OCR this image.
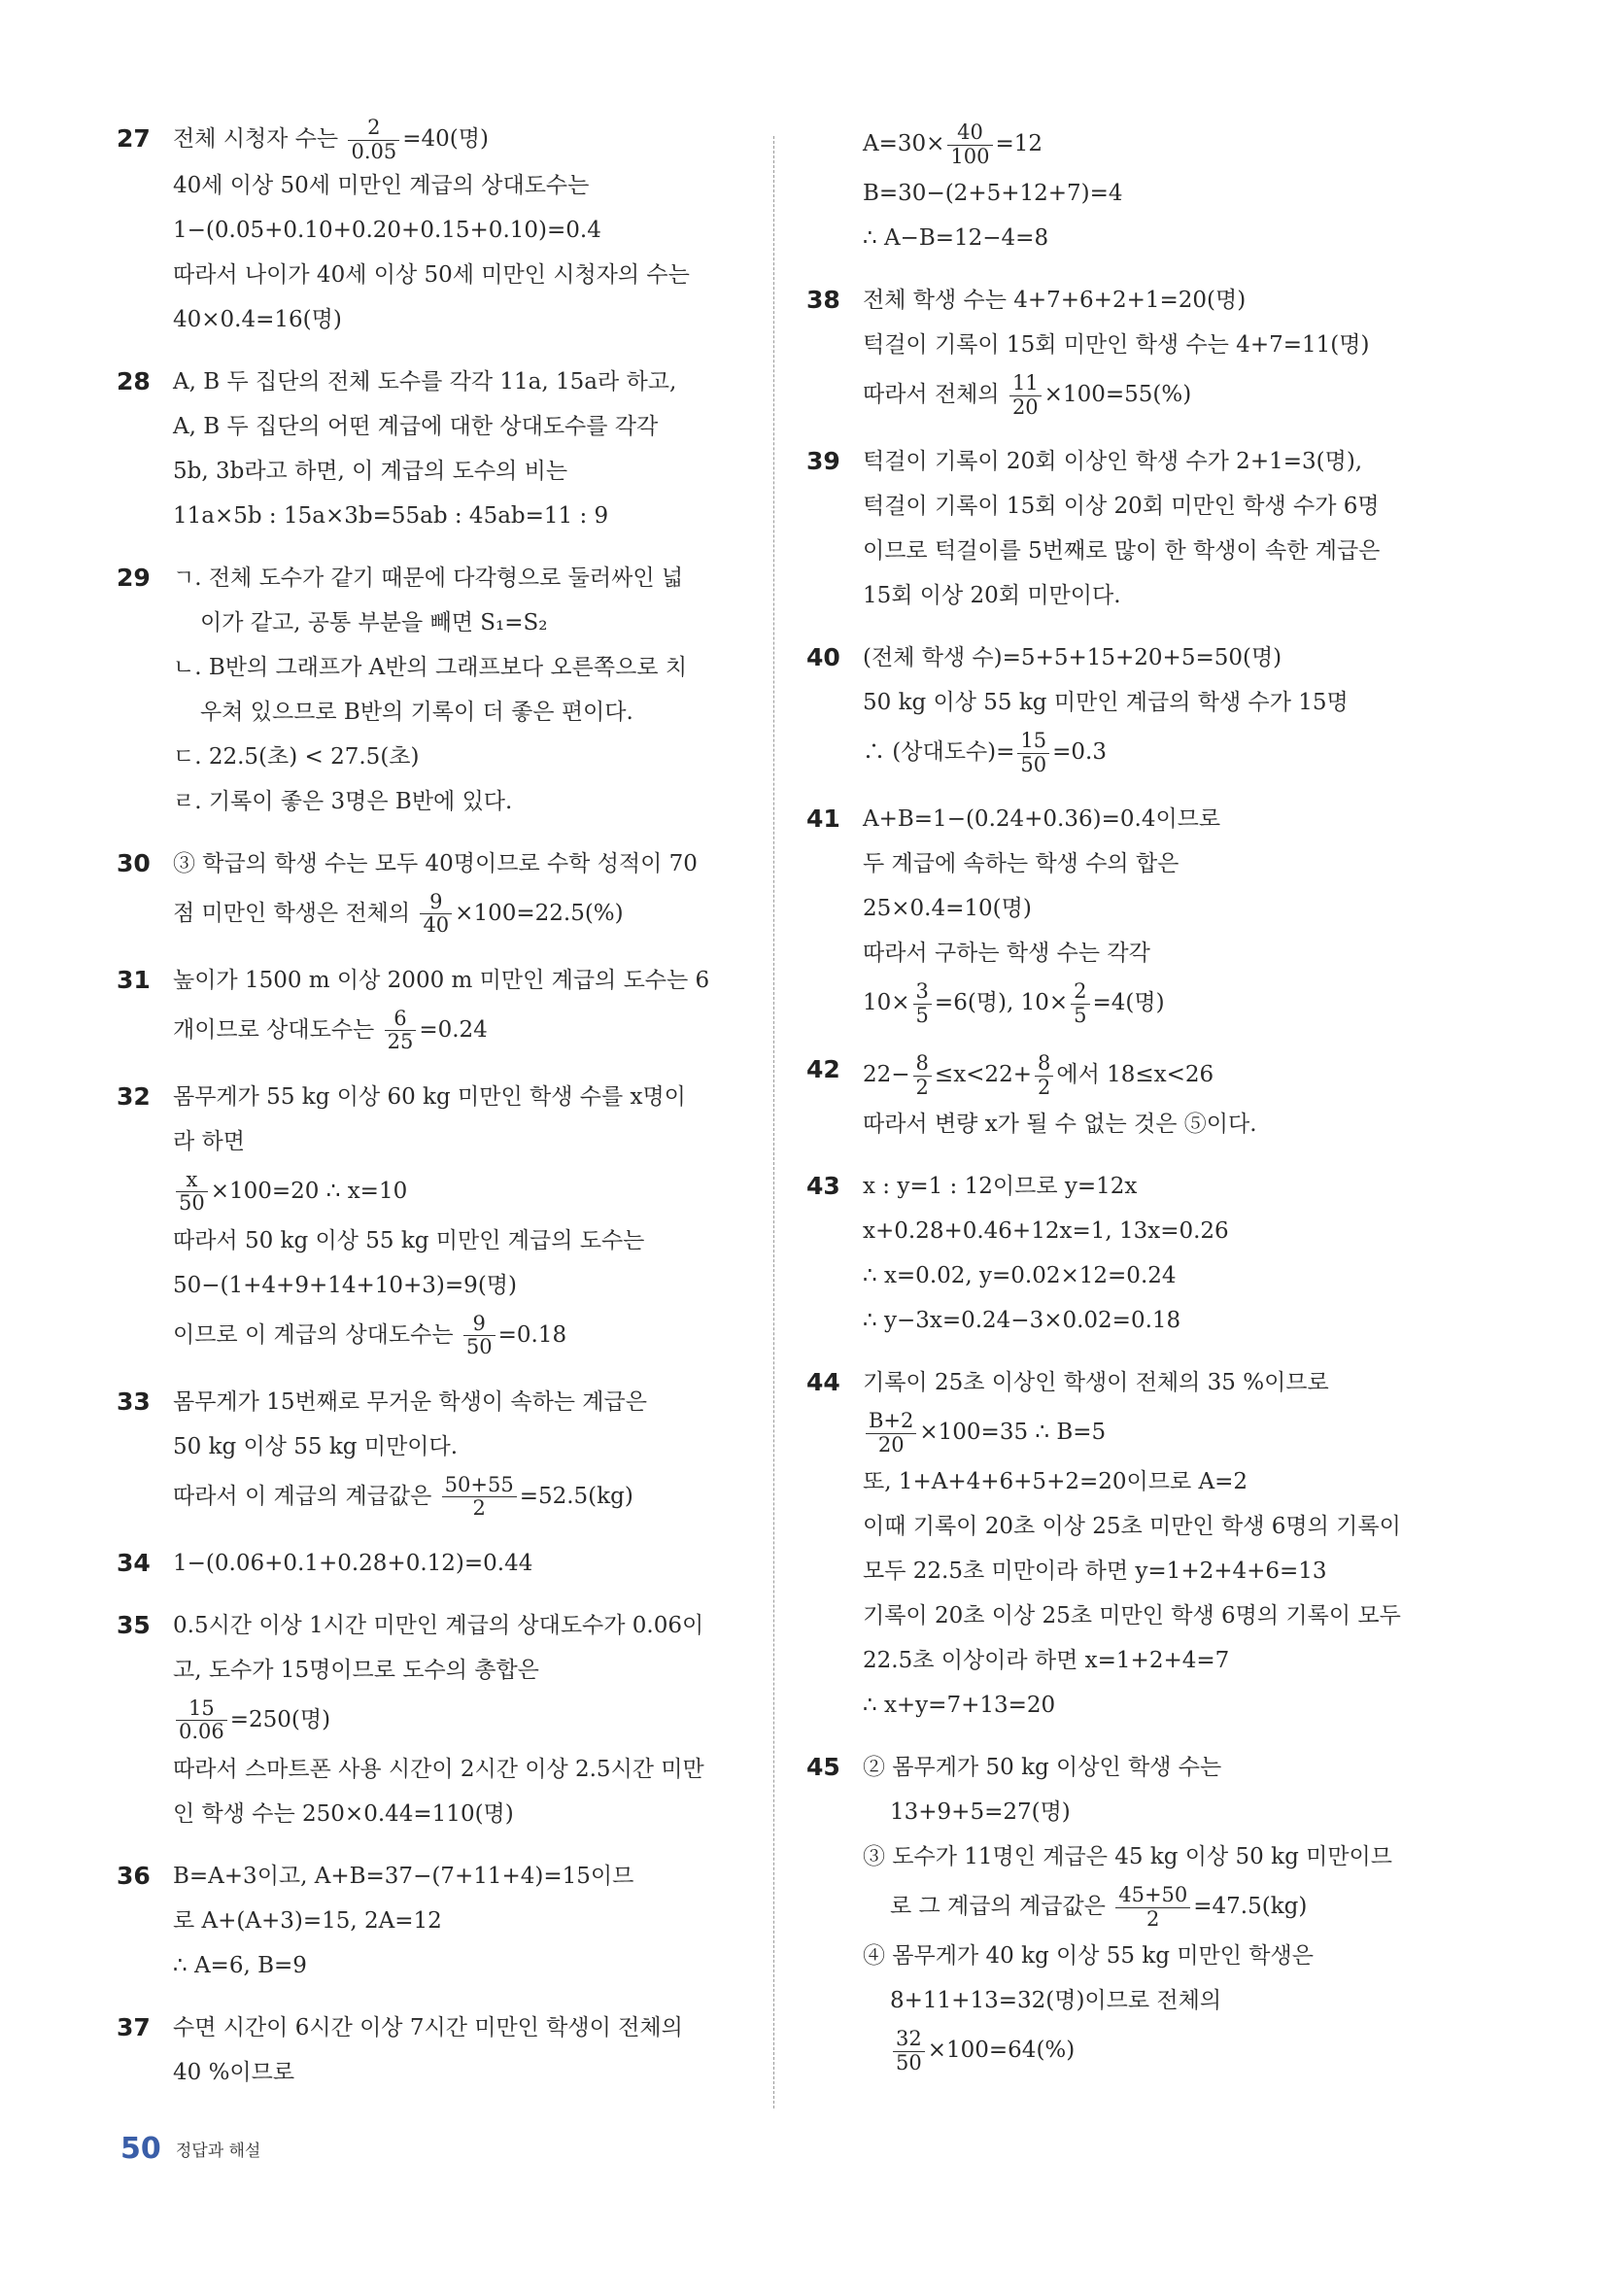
27 전체 시청자 수는 $\frac{2}{0.05} =40$(명)
40세 이상 50세 미만인 계급의 상대도수는
1−(0.05+0.10+0.20+0.15+0.10)=0.4
따라서 나이가 40세 이상 50세 미만인 시청자의 수는
40×0.4=16(명)
28 A, B 두 집단의 전체 도수를 각각 11a, 15a라 하고,
A, B 두 집단의 어떤 계급에 대한 상대도수를 각각
5b, 3b라고 하면, 이 계급의 도수의 비는
11a×5b : 15a×3b=55ab : 45ab=11 : 9
29 ㄱ. 전체 도수가 같기 때문에 다각형으로 둘러싸인 넓
이가 같고, 공통 부분을 빼면 S₁=S₂
ㄴ. B반의 그래프가 A반의 그래프보다 오른쪽으로 치
우쳐 있으므로 B반의 기록이 더 좋은 편이다.
ㄷ. 22.5(초) < 27.5(초)
ㄹ. 기록이 좋은 3명은 B반에 있다.
30 ③ 학급의 학생 수는 모두 40명이므로 수학 성적이 70
점 미만인 학생은 전체의 $\frac{9}{40} \times 100=22.5(\%)$
31 높이가 1500 m 이상 2000 m 미만인 계급의 도수는 6
개이므로 상대도수는 $\frac{6}{25} =0.24$
32 몸무게가 55 kg 이상 60 kg 미만인 학생 수를 x명이
라 하면
$\frac{x}{50} \times 100=20$ ∴ x=10
따라서 50 kg 이상 55 kg 미만인 계급의 도수는
50−(1+4+9+14+10+3)=9(명)
이므로 이 계급의 상대도수는 $\frac{9}{50} =0.18$
33 몸무게가 15번째로 무거운 학생이 속하는 계급은
50 kg 이상 55 kg 미만이다.
따라서 이 계급의 계급값은 $\frac{50+55}{2} =52.5(kg)$
34 1−(0.06+0.1+0.28+0.12)=0.44
35 0.5시간 이상 1시간 미만인 계급의 상대도수가 0.06이
고, 도수가 15명이므로 도수의 총합은
$\frac{15}{0.06} =250$(명)
따라서 스마트폰 사용 시간이 2시간 이상 2.5시간 미만
인 학생 수는 250×0.44=110(명)
36 B=A+3이고, A+B=37−(7+11+4)=15이므
로 A+(A+3)=15, 2A=12
∴ A=6, B=9
37 수면 시간이 6시간 이상 7시간 미만인 학생이 전체의
40 %이므로
$A=30\times \frac{40}{100} =12$
B=30−(2+5+12+7)=4
∴ A−B=12−4=8
38 전체 학생 수는 4+7+6+2+1=20(명)
턱걸이 기록이 15회 미만인 학생 수는 4+7=11(명)
따라서 전체의 $\frac{11}{20} \times 100=55(\%)$
39 턱걸이 기록이 20회 이상인 학생 수가 2+1=3(명),
턱걸이 기록이 15회 이상 20회 미만인 학생 수가 6명
이므로 턱걸이를 5번째로 많이 한 학생이 속한 계급은
15회 이상 20회 미만이다.
40 (전체 학생 수)=5+5+15+20+5=50(명)
50 kg 이상 55 kg 미만인 계급의 학생 수가 15명
∴ (상대도수)= $\frac{15}{50} =0.3$
41 A+B=1−(0.24+0.36)=0.4이므로
두 계급에 속하는 학생 수의 합은
25×0.4=10(명)
따라서 구하는 학생 수는 각각
$10\times \frac{3}{5} =6$(명), $10\times \frac{2}{5} =4$(명)
42 $22- \frac{8}{2} \le x<22+ \frac{8}{2}$ 에서 18≤x<26
따라서 변량 x가 될 수 없는 것은 ⑤이다.
43 x : y=1 : 12이므로 y=12x
x+0.28+0.46+12x=1, 13x=0.26
∴ x=0.02, y=0.02×12=0.24
∴ y−3x=0.24−3×0.02=0.18
44 기록이 25초 이상인 학생이 전체의 35 %이므로
$\frac{B+2}{20} \times 100=35$ ∴ B=5
또, 1+A+4+6+5+2=20이므로 A=2
이때 기록이 20초 이상 25초 미만인 학생 6명의 기록이
모두 22.5초 미만이라 하면 y=1+2+4+6=13
기록이 20초 이상 25초 미만인 학생 6명의 기록이 모두
22.5초 이상이라 하면 x=1+2+4=7
∴ x+y=7+13=20
45 ② 몸무게가 50 kg 이상인 학생 수는
13+9+5=27(명)
③ 도수가 11명인 계급은 45 kg 이상 50 kg 미만이므
로 그 계급의 계급값은 $\frac{45+50}{2} =47.5(kg)$
④ 몸무게가 40 kg 이상 55 kg 미만인 학생은
8+11+13=32(명)이므로 전체의
$\frac{32}{50} \times 100=64(\%)$
50 정답과 해설
